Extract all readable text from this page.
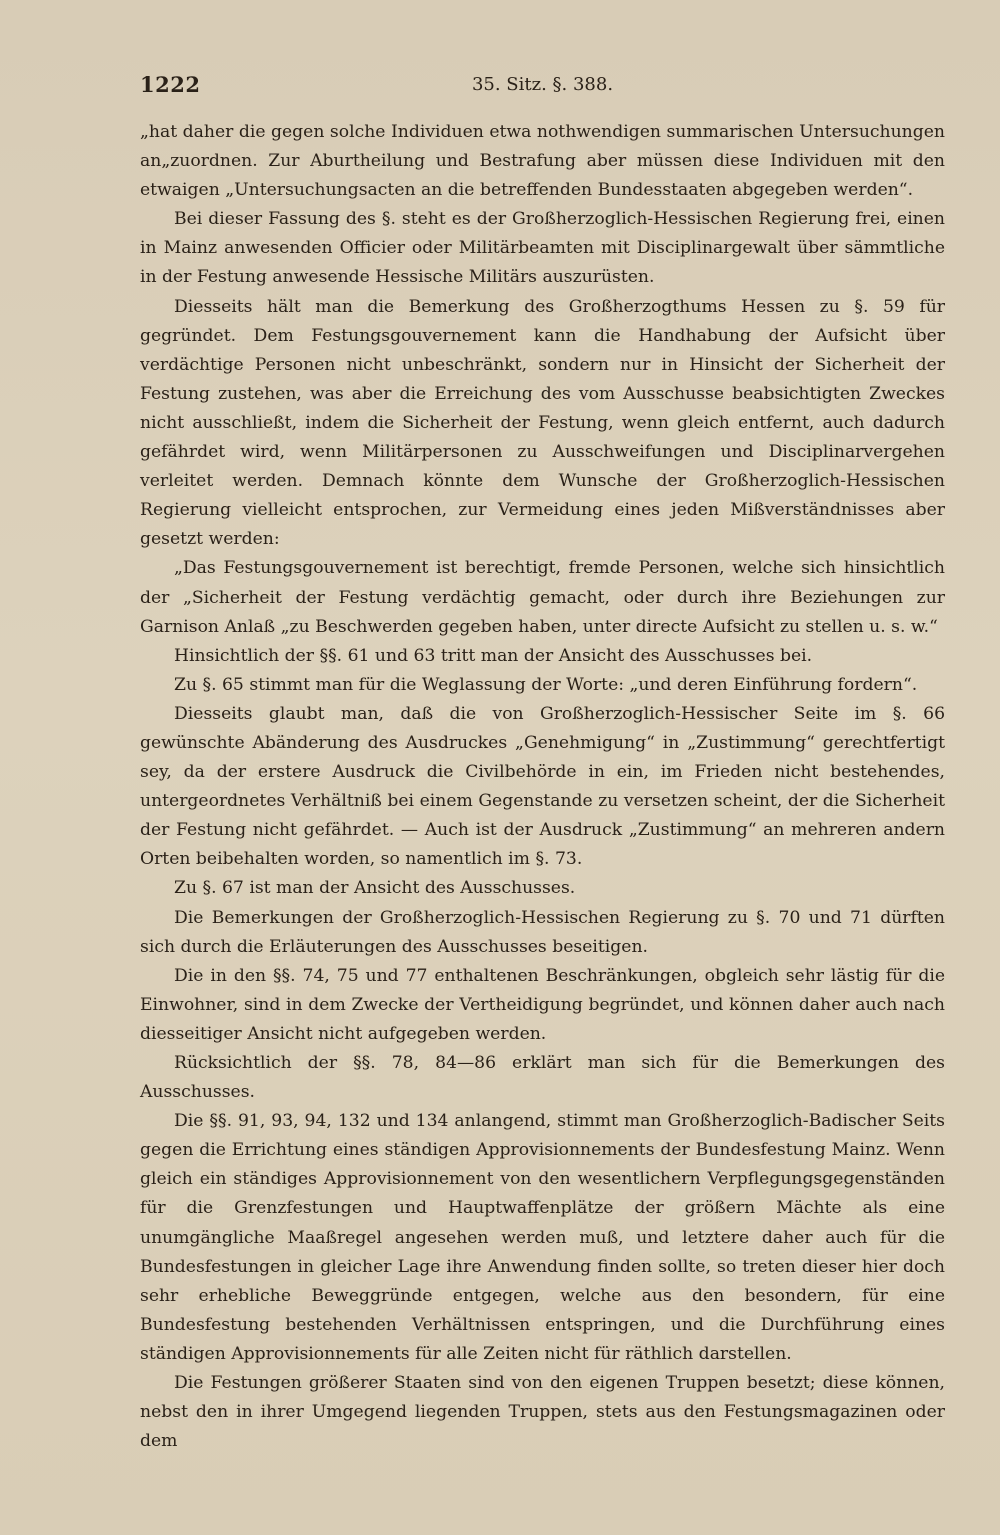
1222	35. Sitz. §. 388.

„hat daher die gegen solche Individuen etwa nothwendigen summarischen Untersuchungen an„zuordnen. Zur Aburtheilung und Bestrafung aber müssen diese Individuen mit den etwaigen „Untersuchungsacten an die betreffenden Bundesstaaten abgegeben werden“.

Bei dieser Fassung des §. steht es der Großherzoglich-Hessischen Regierung frei, einen in Mainz anwesenden Officier oder Militärbeamten mit Disciplinargewalt über sämmtliche in der Festung anwesende Hessische Militärs auszurüsten.

Diesseits hält man die Bemerkung des Großherzogthums Hessen zu §. 59 für gegründet. Dem Festungsgouvernement kann die Handhabung der Aufsicht über verdächtige Personen nicht unbeschränkt, sondern nur in Hinsicht der Sicherheit der Festung zustehen, was aber die Erreichung des vom Ausschusse beabsichtigten Zweckes nicht ausschließt, indem die Sicherheit der Festung, wenn gleich entfernt, auch dadurch gefährdet wird, wenn Militärpersonen zu Ausschweifungen und Disciplinarvergehen verleitet werden. Demnach könnte dem Wunsche der Großherzoglich-Hessischen Regierung vielleicht entsprochen, zur Vermeidung eines jeden Mißverständnisses aber gesetzt werden:

„Das Festungsgouvernement ist berechtigt, fremde Personen, welche sich hinsichtlich der „Sicherheit der Festung verdächtig gemacht, oder durch ihre Beziehungen zur Garnison Anlaß „zu Beschwerden gegeben haben, unter directe Aufsicht zu stellen u. s. w.“

Hinsichtlich der §§. 61 und 63 tritt man der Ansicht des Ausschusses bei.

Zu §. 65 stimmt man für die Weglassung der Worte: „und deren Einführung fordern“.

Diesseits glaubt man, daß die von Großherzoglich-Hessischer Seite im §. 66 gewünschte Abänderung des Ausdruckes „Genehmigung“ in „Zustimmung“ gerechtfertigt sey, da der erstere Ausdruck die Civilbehörde in ein, im Frieden nicht bestehendes, untergeordnetes Verhältniß bei einem Gegenstande zu versetzen scheint, der die Sicherheit der Festung nicht gefährdet. — Auch ist der Ausdruck „Zustimmung“ an mehreren andern Orten beibehalten worden, so namentlich im §. 73.

Zu §. 67 ist man der Ansicht des Ausschusses.

Die Bemerkungen der Großherzoglich-Hessischen Regierung zu §. 70 und 71 dürften sich durch die Erläuterungen des Ausschusses beseitigen.

Die in den §§. 74, 75 und 77 enthaltenen Beschränkungen, obgleich sehr lästig für die Einwohner, sind in dem Zwecke der Vertheidigung begründet, und können daher auch nach diesseitiger Ansicht nicht aufgegeben werden.

Rücksichtlich der §§. 78, 84—86 erklärt man sich für die Bemerkungen des Ausschusses.

Die §§. 91, 93, 94, 132 und 134 anlangend, stimmt man Großherzoglich-Badischer Seits gegen die Errichtung eines ständigen Approvisionnements der Bundesfestung Mainz. Wenn gleich ein ständiges Approvisionnement von den wesentlichern Verpflegungsgegenständen für die Grenzfestungen und Hauptwaffenplätze der größern Mächte als eine unumgängliche Maaßregel angesehen werden muß, und letztere daher auch für die Bundesfestungen in gleicher Lage ihre Anwendung finden sollte, so treten dieser hier doch sehr erhebliche Beweggründe entgegen, welche aus den besondern, für eine Bundesfestung bestehenden Verhältnissen entspringen, und die Durchführung eines ständigen Approvisionnements für alle Zeiten nicht für räthlich darstellen.

Die Festungen größerer Staaten sind von den eigenen Truppen besetzt; diese können, nebst den in ihrer Umgegend liegenden Truppen, stets aus den Festungsmagazinen oder dem
